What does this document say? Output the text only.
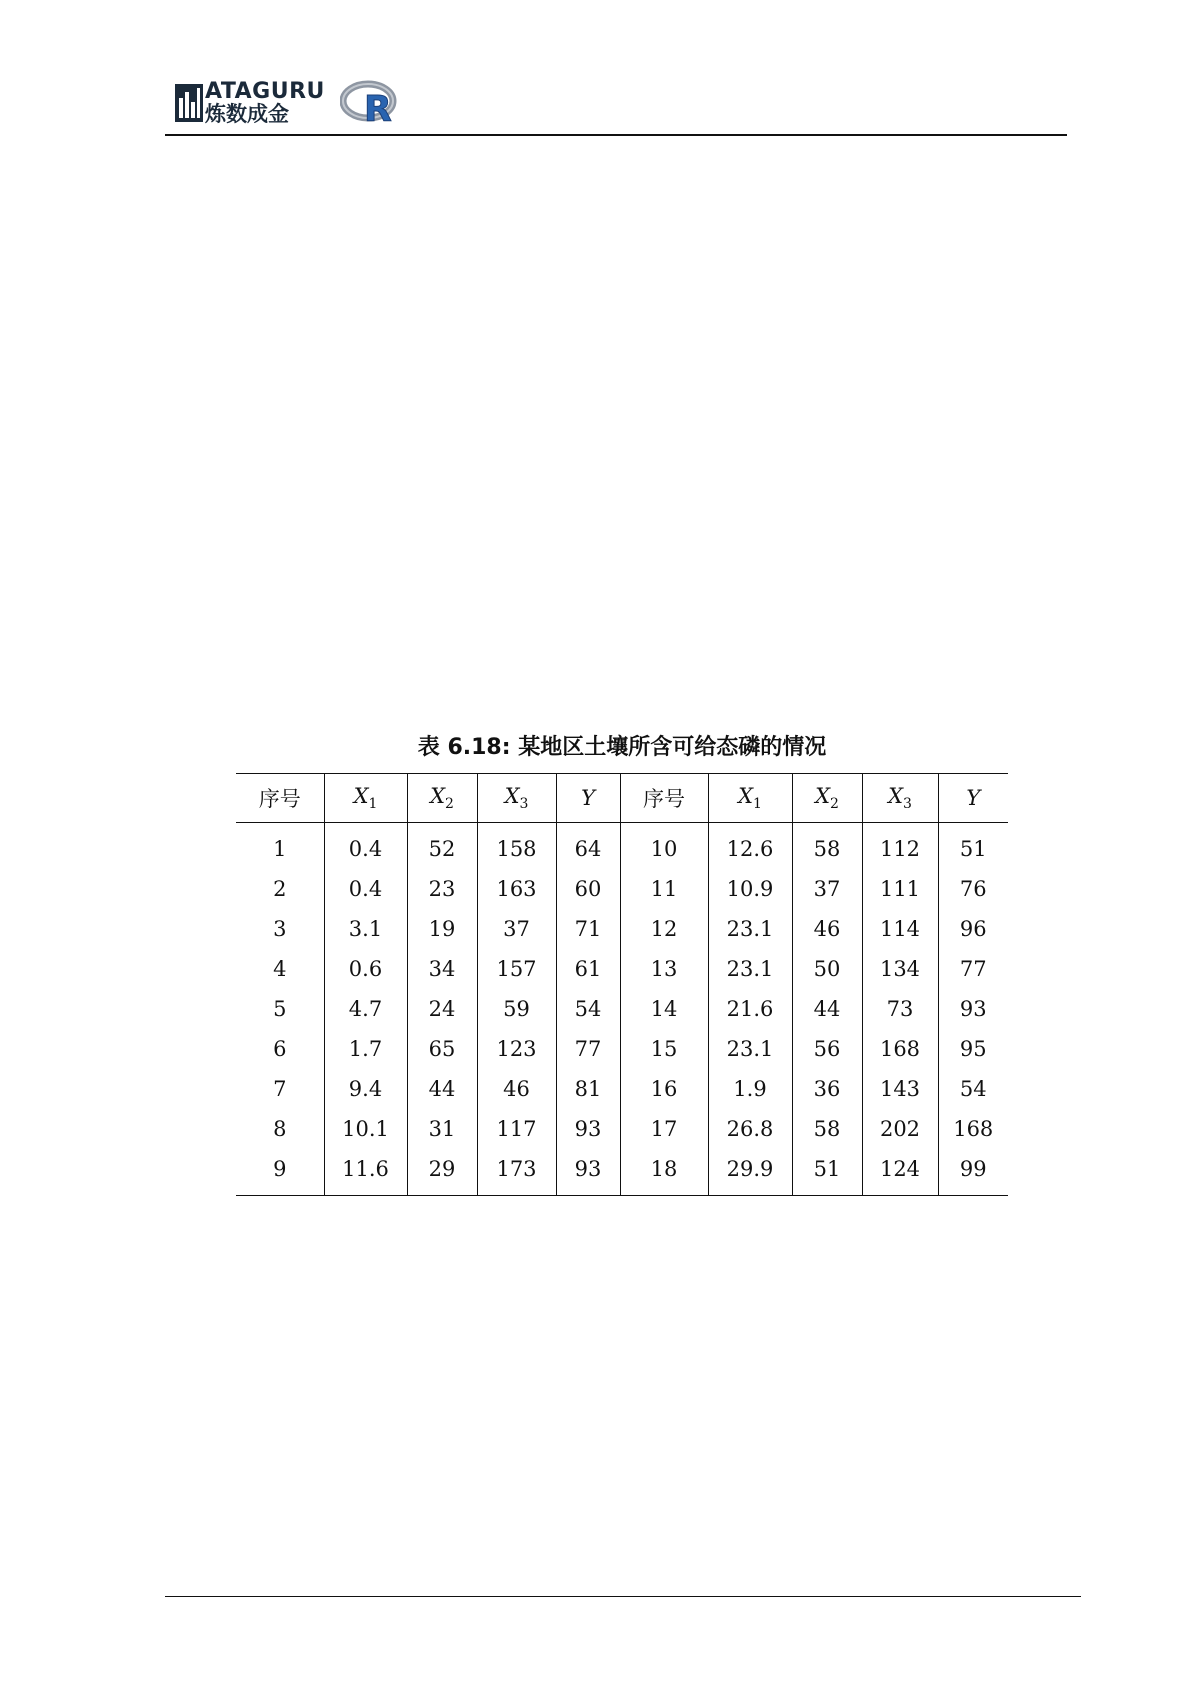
ATAGURU
炼数成金 R
表 6.18: 某地区土壤所含可给态磷的情况
序号	$X_1$	$X_2$	$X_3$	Y	序号	$X_1$	$X_2$	$X_3$	Y
1	0.4	52	158	64	10	12.6	58	112	51
2	0.4	23	163	60	11	10.9	37	111	76
3	3.1	19	37	71	12	23.1	46	114	96
4	0.6	34	157	61	13	23.1	50	134	77
5	4.7	24	59	54	14	21.6	44	73	93
6	1.7	65	123	77	15	23.1	56	168	95
7	9.4	44	46	81	16	1.9	36	143	54
8	10.1	31	117	93	17	26.8	58	202	168
9	11.6	29	173	93	18	29.9	51	124	99
